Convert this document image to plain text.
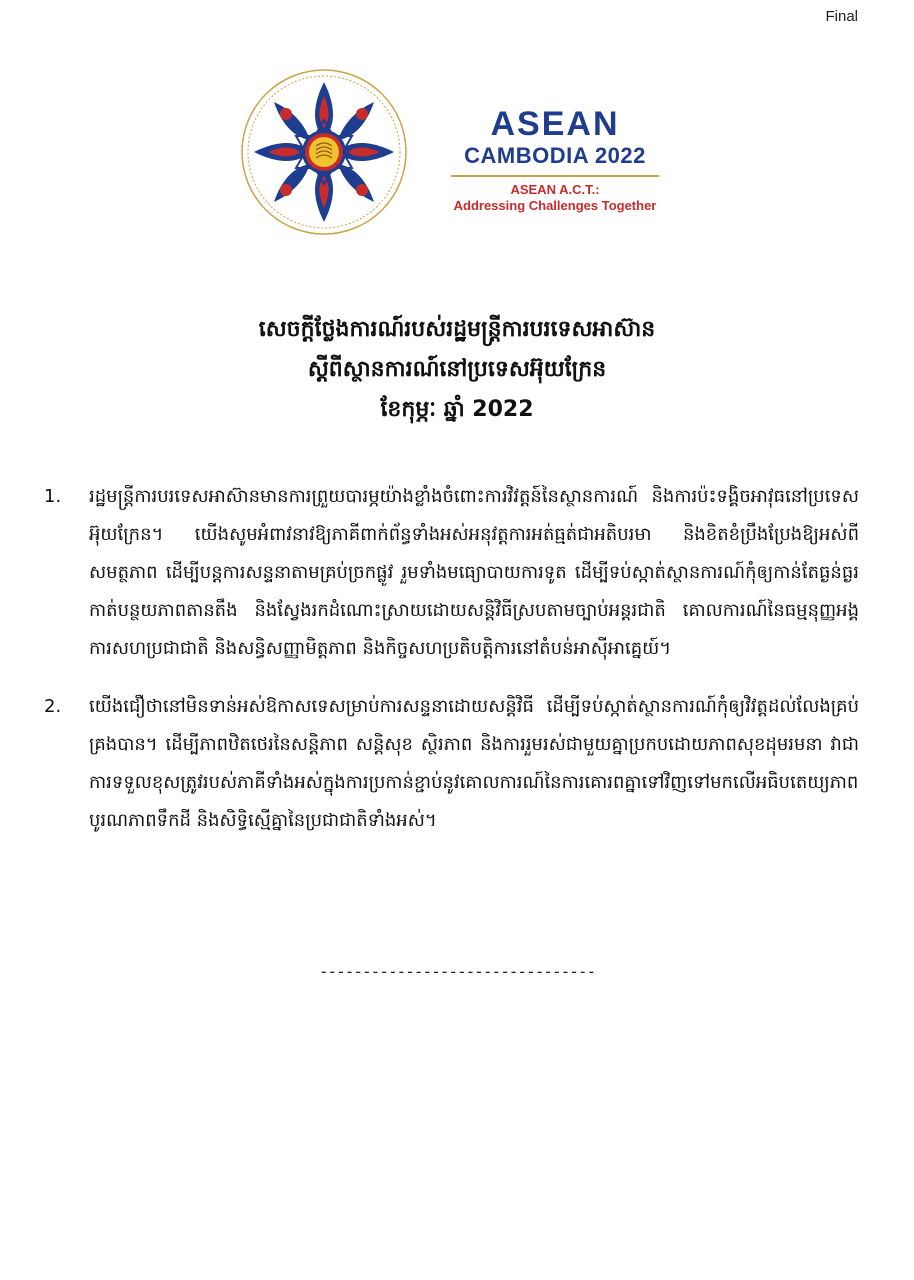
Final
ASEAN
CAMBODIA 2022
ASEAN A.C.T.:
Addressing Challenges Together
សេចក្តីថ្លែងការណ៍របស់រដ្ឋមន្ត្រីការបរទេសអាស៊ាន
ស្តីពីស្ថានការណ៍នៅប្រទេសអ៊ុយក្រែន
ខែកុម្ភៈ ឆ្នាំ 2022
1.	រដ្ឋមន្ត្រីការបរទេសអាស៊ានមានការព្រួយបារម្ភយ៉ាងខ្លាំងចំពោះការវិវត្តន៍នៃស្ថានការណ៍ និងការប៉ះទង្គិចអាវុធនៅប្រទេសអ៊ុយក្រែន។ យើងសូមអំពាវនាវឱ្យភាគីពាក់ព័ន្ធទាំងអស់អនុវត្តការអត់ធ្មត់ជាអតិបរមា និងខិតខំប្រឹងប្រែងឱ្យអស់ពីសមត្ថភាព ដើម្បីបន្តការសន្ទនាតាមគ្រប់ច្រកផ្លូវ រួមទាំងមធ្យោបាយការទូត ដើម្បីទប់ស្កាត់ស្ថានការណ៍កុំឲ្យកាន់តែធ្ងន់ធ្ងរ កាត់បន្ថយភាពតានតឹង និងស្វែងរកដំណោះស្រាយដោយសន្តិវិធីស្របតាមច្បាប់អន្តរជាតិ គោលការណ៍នៃធម្មនុញ្ញអង្គការសហប្រជាជាតិ និងសន្ធិសញ្ញាមិត្តភាព និងកិច្ចសហប្រតិបត្តិការនៅតំបន់អាស៊ីអាគ្នេយ៍។
2.	យើងជឿថានៅមិនទាន់អស់ឱកាសទេសម្រាប់ការសន្ទនាដោយសន្តិវិធី ដើម្បីទប់ស្កាត់ស្ថានការណ៍កុំឲ្យវិវត្តដល់លែងគ្រប់គ្រងបាន។ ដើម្បីភាពឋិតថេរនៃសន្តិភាព សន្តិសុខ ស្ថិរភាព និងការរួមរស់ជាមួយគ្នាប្រកបដោយភាពសុខដុមរមនា វាជាការទទួលខុសត្រូវរបស់ភាគីទាំងអស់ក្នុងការប្រកាន់ខ្ជាប់នូវគោលការណ៍នៃការគោរពគ្នាទៅវិញទៅមកលើអធិបតេយ្យភាព បូរណភាពទឹកដី និងសិទ្ធិស្មើគ្នានៃប្រជាជាតិទាំងអស់។
--------------------------------
